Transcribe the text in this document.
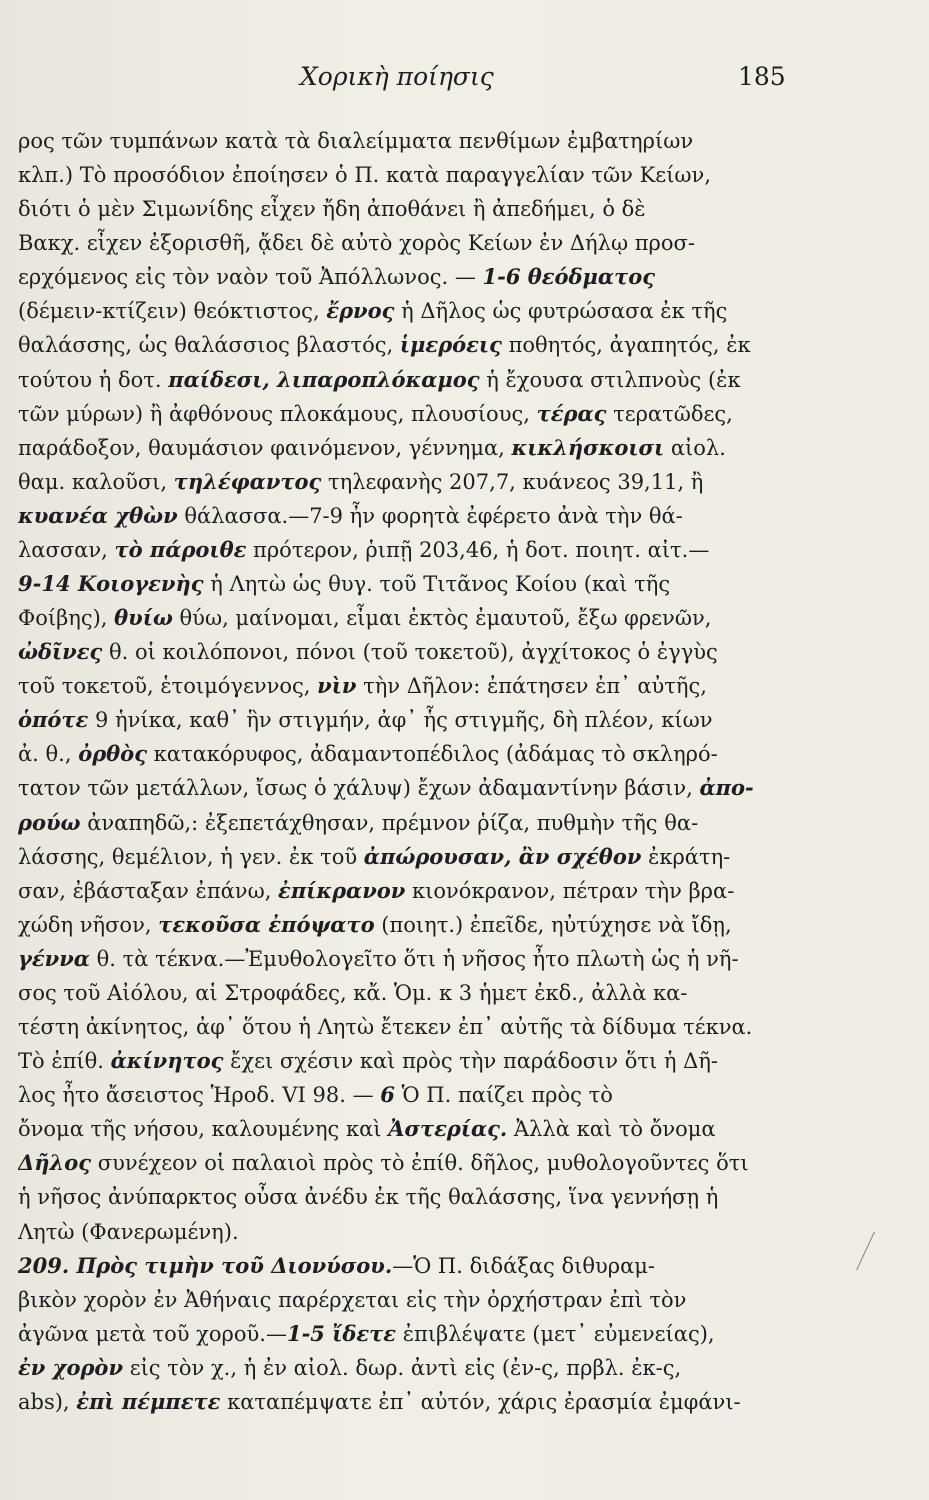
Χορικὴ ποίησις	185
ρος τῶν τυμπάνων κατὰ τὰ διαλείμματα πενθίμων ἐμβατηρίων
κλπ.) Τὸ προσόδιον ἐποίησεν ὁ Π. κατὰ παραγγελίαν τῶν Κείων,
διότι ὁ μὲν Σιμωνίδης εἶχεν ἤδη ἀποθάνει ἢ ἀπεδήμει, ὁ δὲ
Βακχ. εἶχεν ἐξορισθῆ, ᾄδει δὲ αὐτὸ χορὸς Κείων ἐν Δήλῳ προσ-
ερχόμενος εἰς τὸν ναὸν τοῦ Ἀπόλλωνος. — 1-6 θεόδματος
(δέμειν-κτίζειν) θεόκτιστος, ἔρνος ἡ Δῆλος ὡς φυτρώσασα ἐκ τῆς
θαλάσσης, ὡς θαλάσσιος βλαστός, ἱμερόεις ποθητός, ἀγαπητός, ἐκ
τούτου ἡ δοτ. παίδεσι, λιπαροπλόκαμος ἡ ἔχουσα στιλπνοὺς (ἐκ
τῶν μύρων) ἢ ἀφθόνους πλοκάμους, πλουσίους, τέρας τερατῶδες,
παράδοξον, θαυμάσιον φαινόμενον, γέννημα, κικλήσκοισι αἰολ.
θαμ. καλοῦσι, τηλέφαντος τηλεφανὴς 207,7, κυάνεος 39,11, ἢ
κυανέα χθὼν θάλασσα.—7-9 ἦν φορητὰ ἐφέρετο ἀνὰ τὴν θά-
λασσαν, τὸ πάροιθε πρότερον, ῥιπῇ 203,46, ἡ δοτ. ποιητ. αἰτ.—
9-14 Κοιογενὴς ἡ Λητὼ ὡς θυγ. τοῦ Τιτᾶνος Κοίου (καὶ τῆς
Φοίβης), θυίω θύω, μαίνομαι, εἶμαι ἐκτὸς ἐμαυτοῦ, ἔξω φρενῶν,
ὠδῖνες θ. οἱ κοιλόπονοι, πόνοι (τοῦ τοκετοῦ), ἀγχίτοκος ὁ ἐγγὺς
τοῦ τοκετοῦ, ἑτοιμόγεννος, νὶν τὴν Δῆλον: ἐπάτησεν ἐπ᾽ αὐτῆς,
ὁπότε 9 ἡνίκα, καθ᾽ ἣν στιγμήν, ἀφ᾽ ἧς στιγμῆς, δὴ πλέον, κίων
ἀ. θ., ὀρθὸς κατακόρυφος, ἀδαμαντοπέδιλος (ἀδάμας τὸ σκληρό-
τατον τῶν μετάλλων, ἴσως ὁ χάλυψ) ἔχων ἀδαμαντίνην βάσιν, ἀπο-
ρούω ἀναπηδῶ,: ἐξεπετάχθησαν, πρέμνον ῥίζα, πυθμὴν τῆς θα-
λάσσης, θεμέλιον, ἡ γεν. ἐκ τοῦ ἀπώρουσαν, ἂν σχέθον ἐκράτη-
σαν, ἐβάσταξαν ἐπάνω, ἐπίκρανον κιονόκρανον, πέτραν τὴν βρα-
χώδη νῆσον, τεκοῦσα ἐπόψατο (ποιητ.) ἐπεῖδε, ηὐτύχησε νὰ ἴδῃ,
γέννα θ. τὰ τέκνα.—Ἐμυθολογεῖτο ὅτι ἡ νῆσος ἦτο πλωτὴ ὡς ἡ νῆ-
σος τοῦ Αἰόλου, αἱ Στροφάδες, κἄ. Ὁμ. κ 3 ἡμετ ἐκδ., ἀλλὰ κα-
τέστη ἀκίνητος, ἀφ᾽ ὅτου ἡ Λητὼ ἔτεκεν ἐπ᾽ αὐτῆς τὰ δίδυμα τέκνα.
Τὸ ἐπίθ. ἀκίνητος ἔχει σχέσιν καὶ πρὸς τὴν παράδοσιν ὅτι ἡ Δῆ-
λος ἦτο ἄσειστος Ἡροδ. VI 98. — 6 Ὁ Π. παίζει πρὸς τὸ
ὄνομα τῆς νήσου, καλουμένης καὶ Ἀστερίας. Ἀλλὰ καὶ τὸ ὄνομα
Δῆλος συνέχεον οἱ παλαιοὶ πρὸς τὸ ἐπίθ. δῆλος, μυθολογοῦντες ὅτι
ἡ νῆσος ἀνύπαρκτος οὖσα ἀνέδυ ἐκ τῆς θαλάσσης, ἵνα γεννήσῃ ἡ
Λητὼ (Φανερωμένη).
209. Πρὸς τιμὴν τοῦ Διονύσου.—Ὁ Π. διδάξας διθυραμ-
βικὸν χορὸν ἐν Ἀθήναις παρέρχεται εἰς τὴν ὀρχήστραν ἐπὶ τὸν
ἀγῶνα μετὰ τοῦ χοροῦ.—1-5 ἴδετε ἐπιβλέψατε (μετ᾽ εὐμενείας),
ἐν χορὸν εἰς τὸν χ., ἡ ἐν αἰολ. δωρ. ἀντὶ εἰς (ἐν-ς, πρβλ. ἐκ-ς,
abs), ἐπὶ πέμπετε καταπέμψατε ἐπ᾽ αὐτόν, χάρις ἐρασμία ἐμφάνι-
